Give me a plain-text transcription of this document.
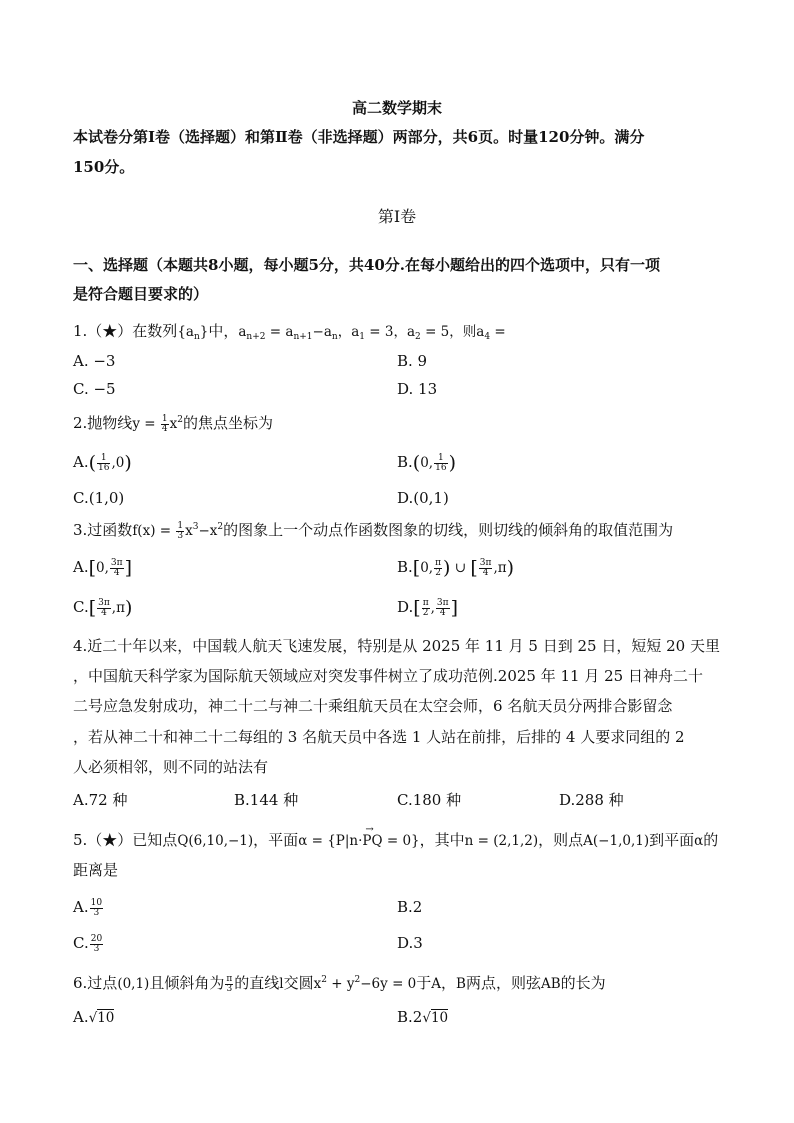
高二数学期末
本试卷分第Ⅰ卷（选择题）和第Ⅱ卷（非选择题）两部分，共6页。时量120分钟。满分
150分。
第Ⅰ卷
一、选择题（本题共8小题，每小题5分，共40分.在每小题给出的四个选项中，只有一项
是符合题目要求的）
1.（★）在数列$\{a_n\}$中，$a_{n+2} = a_{n+1}-a_n$，$a_1 = 3$，$a_2 = 5$，则$a_4$ =
A. −3	B. 9
C. −5	D. 13
2.抛物线$y = \frac{1}{4} x^2$的焦点坐标为
$A.( \frac{1}{16} ,0)$	B.(0, $\frac{1}{16}$ )
C.(1,0)	D.(0,1)
3.过函数$f(x) = \frac{1}{3} x^3-x^2$的图象上一个动点作函数图象的切线，则切线的倾斜角的取值范围为
A.[0, $\frac{3\pi}{4}$ ]	B.[0, $\frac{\pi}{2}$ ) ∪ [ $\frac{3\pi}{4} ,\pi$)
$C.[ \frac{3\pi}{4} ,\pi)$	$D.[ \frac{\pi}{2}$ , $\frac{3\pi}{4}$ ]
4.近二十年以来，中国载人航天飞速发展，特别是从 2025 年 11 月 5 日到 25 日，短短 20 天里
，中国航天科学家为国际航天领域应对突发事件树立了成功范例.2025 年 11 月 25 日神舟二十
二号应急发射成功，神二十二与神二十乘组航天员在太空会师，6 名航天员分两排合影留念
，若从神二十和神二十二每组的 3 名航天员中各选 1 人站在前排，后排的 4 人要求同组的 2
人必须相邻，则不同的站法有
A.72 种	B.144 种	C.180 种	D.288 种
5.（★）已知点Q(6,10,−1)，平面α = {P|n·
→
PQ = 0}，其中n = (2,1,2)，则点A(−1,0,1)到平面α的
距离是
A. $\frac{10}{3}$	B.2
C. $\frac{20}{3}$	D.3
6.过点(0,1)且倾斜角为 $\frac{\pi}{3}$ 的直线l交圆$x^2 + y^2-6y = 0$于A，B两点，则弦AB的长为
A.√10	B.2√10
